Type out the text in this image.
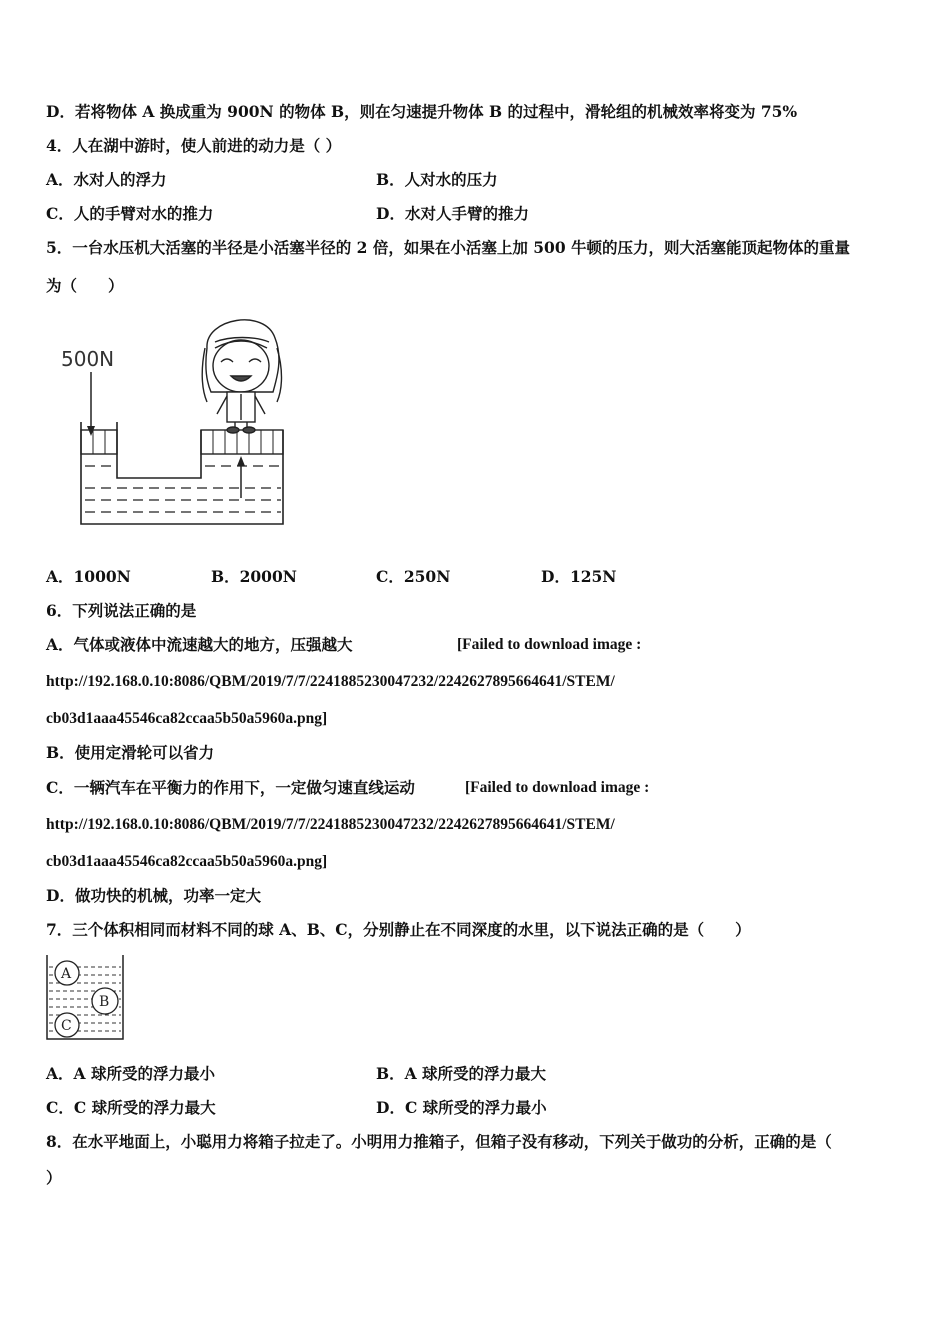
D．若将物体 A 换成重为 900N 的物体 B，则在匀速提升物体 B 的过程中，滑轮组的机械效率将变为 75%
4．人在湖中游时，使人前进的动力是（ ）
A．水对人的浮力	B．人对水的压力
C．人的手臂对水的推力	D．水对人手臂的推力
5．一台水压机大活塞的半径是小活塞半径的 2 倍，如果在小活塞上加 500 牛顿的压力，则大活塞能顶起物体的重量
为（　　）
500N
A．1000N	B．2000N	C．250N	D．125N
6．下列说法正确的是
A．气体或液体中流速越大的地方，压强越大	[Failed to download image :
http://192.168.0.10:8086/QBM/2019/7/7/2241885230047232/2242627895664641/STEM/
cb03d1aaa45546ca82ccaa5b50a5960a.png]
B．使用定滑轮可以省力
C．一辆汽车在平衡力的作用下，一定做匀速直线运动	[Failed to download image :
http://192.168.0.10:8086/QBM/2019/7/7/2241885230047232/2242627895664641/STEM/
cb03d1aaa45546ca82ccaa5b50a5960a.png]
D．做功快的机械，功率一定大
7．三个体积相同而材料不同的球 A、B、C，分别静止在不同深度的水里，以下说法正确的是（　　）
A
B
C
A．A 球所受的浮力最小	B．A 球所受的浮力最大
C．C 球所受的浮力最大	D．C 球所受的浮力最小
8．在水平地面上，小聪用力将箱子拉走了。小明用力推箱子，但箱子没有移动，下列关于做功的分析，正确的是（
）
